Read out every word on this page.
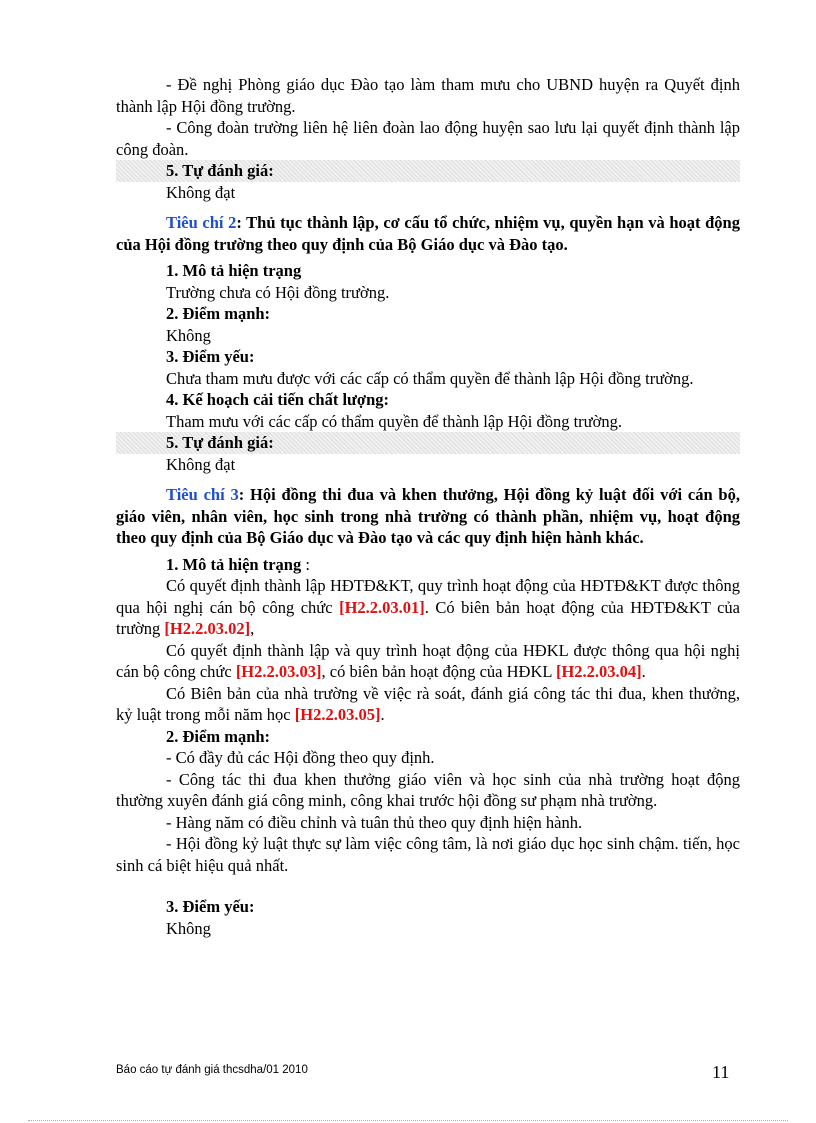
- Đề nghị Phòng giáo dục Đào tạo làm tham mưu cho UBND huyện ra Quyết định thành lập Hội đồng trường.

- Công đoàn trường liên hệ liên đoàn lao động huyện sao lưu lại quyết định thành lập công đoàn.

5. Tự đánh giá:

Không đạt

Tiêu chí 2: Thủ tục thành lập, cơ cấu tổ chức, nhiệm vụ, quyền hạn và hoạt động của Hội đồng trường theo quy định của Bộ Giáo dục và Đào tạo.

1. Mô tả hiện trạng

Trường chưa có Hội đồng trường.

2. Điểm mạnh:

Không

3. Điểm yếu:

Chưa tham mưu được với các cấp có thẩm quyền để thành lập Hội đồng trường.

4. Kế hoạch cải tiến chất lượng:

Tham mưu với các cấp có thẩm quyền để thành lập Hội đồng trường.

5. Tự đánh giá:

Không đạt

Tiêu chí 3: Hội đồng thi đua và khen thưởng, Hội đồng kỷ luật đối với cán bộ, giáo viên, nhân viên, học sinh trong nhà trường có thành phần, nhiệm vụ, hoạt động theo quy định của Bộ Giáo dục và Đào tạo và các quy định hiện hành khác.

1. Mô tả hiện trạng :

Có quyết định thành lập HĐTĐ&KT, quy trình hoạt động của HĐTĐ&KT được thông qua hội nghị cán bộ công chức [H2.2.03.01]. Có biên bản hoạt động của HĐTĐ&KT của trường [H2.2.03.02],

Có quyết định thành lập và quy trình hoạt động của HĐKL được thông qua hội nghị cán bộ công chức [H2.2.03.03], có biên bản hoạt động của HĐKL [H2.2.03.04].

Có Biên bản của nhà trường về việc rà soát, đánh giá công tác thi đua, khen thưởng, kỷ luật trong mỗi năm học [H2.2.03.05].

2. Điểm mạnh:

- Có đầy đủ các Hội đồng theo quy định.

- Công tác thi đua khen thưởng giáo viên và học sinh của nhà trường hoạt động thường xuyên đánh giá công minh, công khai trước hội đồng sư phạm nhà trường.

- Hàng năm có điều chỉnh và tuân thủ theo quy định hiện hành.

- Hội đồng kỷ luật thực sự làm việc công tâm, là nơi giáo dục học sinh chậm. tiến, học sinh cá biệt hiệu quả nhất.

3. Điểm yếu:

Không

Báo cáo tự đánh giá thcsdha/01 2010	11
